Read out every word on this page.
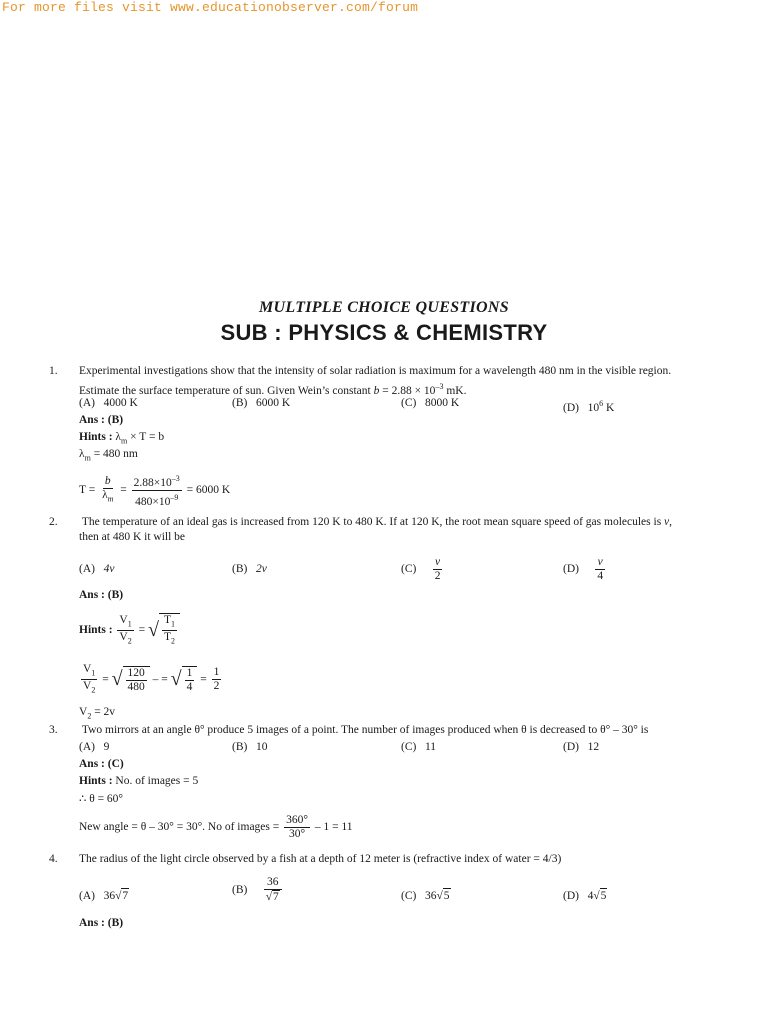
For more files visit www.educationobserver.com/forum
MULTIPLE CHOICE QUESTIONS
SUB : PHYSICS & CHEMISTRY
1. Experimental investigations show that the intensity of solar radiation is maximum for a wavelength 480 nm in the visible region.
Estimate the surface temperature of sun. Given Wein’s constant $b = 2.88 \times 10^{-3}$ mK.
(A) 4000 K	(B) 6000 K	(C) 8000 K	(D) $10^6$ K
Ans : (B)
Hints : $\lambda_m \times T = b$
$\lambda_m = 480$ nm
$T = \frac{b}{\lambda_m} = \frac{2.88\times 10^{-3}}{480\times 10^{-9}} = 6000$ K
2. The temperature of an ideal gas is increased from 120 K to 480 K. If at 120 K, the root mean square speed of gas molecules is v,
then at 480 K it will be
(A) 4v	(B) 2v	$(C) \frac{v}{2}$	$(D) \frac{v}{4}$
Ans : (B)
Hints : $\frac{V_1}{V_2}$ = √ $\frac{T_1}{T_2}$
$\frac{V_1}{V_2}$ = √ $\frac{120}{480}$ – = √ $\frac{1}{4} = \frac{1}{2}$
$V_2 = 2v$
3. Two mirrors at an angle θ° produce 5 images of a point. The number of images produced when θ is decreased to θ° – 30° is
(A) 9	(B) 10	(C) 11	(D) 12
Ans : (C)
Hints : No. of images = 5
∴ θ = 60°
New angle = θ – 30° = 30°. No of images = $\frac{360^\circ}{30^\circ} - 1 = 11$
4. The radius of the light circle observed by a fish at a depth of 12 meter is (refractive index of water = 4/3)
(A) 36√7
$(B) \frac{36}{√7}$	(C) 36√5	(D) 4√5
Ans : (B)
